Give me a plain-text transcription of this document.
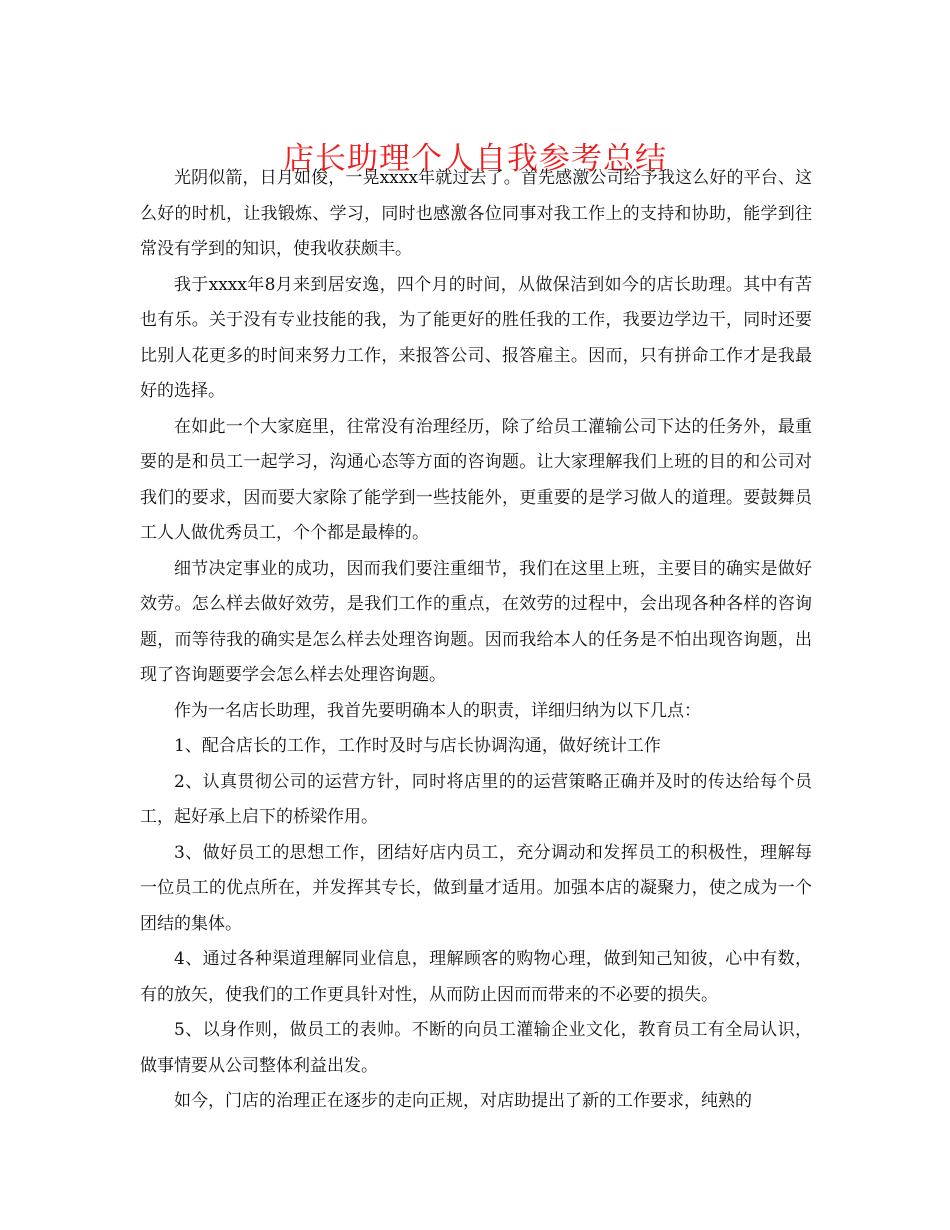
店长助理个人自我参考总结

光阴似箭，日月如俊，一晃xxxx年就过去了。首先感激公司给予我这么好的平台、这么好的时机，让我锻炼、学习，同时也感激各位同事对我工作上的支持和协助，能学到往常没有学到的知识，使我收获颇丰。

我于xxxx年8月来到居安逸，四个月的时间，从做保洁到如今的店长助理。其中有苦也有乐。关于没有专业技能的我，为了能更好的胜任我的工作，我要边学边干，同时还要比别人花更多的时间来努力工作，来报答公司、报答雇主。因而，只有拼命工作才是我最好的选择。

在如此一个大家庭里，往常没有治理经历，除了给员工灌输公司下达的任务外，最重要的是和员工一起学习，沟通心态等方面的咨询题。让大家理解我们上班的目的和公司对我们的要求，因而要大家除了能学到一些技能外，更重要的是学习做人的道理。要鼓舞员工人人做优秀员工，个个都是最棒的。

细节决定事业的成功，因而我们要注重细节，我们在这里上班，主要目的确实是做好效劳。怎么样去做好效劳，是我们工作的重点，在效劳的过程中，会出现各种各样的咨询题，而等待我的确实是怎么样去处理咨询题。因而我给本人的任务是不怕出现咨询题，出现了咨询题要学会怎么样去处理咨询题。

作为一名店长助理，我首先要明确本人的职责，详细归纳为以下几点：

1、配合店长的工作，工作时及时与店长协调沟通，做好统计工作

2、认真贯彻公司的运营方针，同时将店里的的运营策略正确并及时的传达给每个员工，起好承上启下的桥梁作用。

3、做好员工的思想工作，团结好店内员工，充分调动和发挥员工的积极性，理解每一位员工的优点所在，并发挥其专长，做到量才适用。加强本店的凝聚力，使之成为一个团结的集体。

4、通过各种渠道理解同业信息，理解顾客的购物心理，做到知己知彼，心中有数，有的放矢，使我们的工作更具针对性，从而防止因而而带来的不必要的损失。

5、以身作则，做员工的表帅。不断的向员工灌输企业文化，教育员工有全局认识，做事情要从公司整体利益出发。

如今，门店的治理正在逐步的走向正规，对店助提出了新的工作要求，纯熟的
